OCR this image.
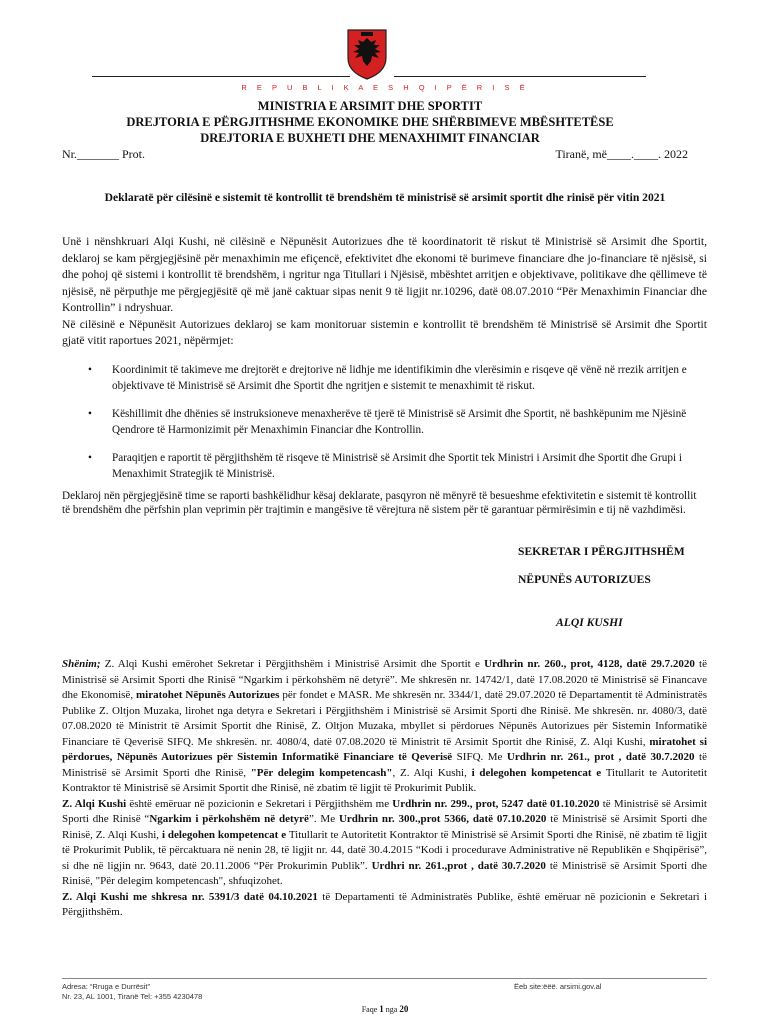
R E P U B L I K A E S H Q I P Ë R I S Ë
MINISTRIA E ARSIMIT DHE SPORTIT
DREJTORIA E PËRGJITHSHME EKONOMIKE DHE SHËRBIMEVE MBËSHTETËSE
DREJTORIA E BUXHETI DHE MENAXHIMIT FINANCIAR
Nr._______ Prot.	Tiranë, më____.____. 2022
Deklaratë për cilësinë e sistemit të kontrollit të brendshëm të ministrisë së arsimit sportit dhe rinisë për vitin 2021

Unë i nënshkruari Alqi Kushi, në cilësinë e Nëpunësit Autorizues dhe të koordinatorit të riskut të Ministrisë së Arsimit dhe Sportit, deklaroj se kam përgjegjësinë për menaxhimin me efiçencë, efektivitet dhe ekonomi të burimeve financiare dhe jo-financiare të njësisë, si dhe pohoj që sistemi i kontrollit të brendshëm, i ngritur nga Titullari i Njësisë, mbështet arritjen e objektivave, politikave dhe qëllimeve të njësisë, në përputhje me përgjegjësitë që më janë caktuar sipas nenit 9 të ligjit nr.10296, datë 08.07.2010 “Për Menaxhimin Financiar dhe Kontrollin” i ndryshuar.

Në cilësinë e Nëpunësit Autorizues deklaroj se kam monitoruar sistemin e kontrollit të brendshëm të Ministrisë së Arsimit dhe Sportit gjatë vitit raportues 2021, nëpërmjet:

• Koordinimit të takimeve me drejtorët e drejtorive në lidhje me identifikimin dhe vlerësimin e risqeve që vënë në rrezik arritjen e objektivave të Ministrisë së Arsimit dhe Sportit dhe ngritjen e sistemit te menaxhimit të riskut.
• Këshillimit dhe dhënies së instruksioneve menaxherëve të tjerë të Ministrisë së Arsimit dhe Sportit, në bashkëpunim me Njësinë Qendrore të Harmonizimit për Menaxhimin Financiar dhe Kontrollin.
• Paraqitjen e raportit të përgjithshëm të risqeve të Ministrisë së Arsimit dhe Sportit tek Ministri i Arsimit dhe Sportit dhe Grupi i Menaxhimit Strategjik të Ministrisë.
Deklaroj nën përgjegjësinë time se raporti bashkëlidhur kësaj deklarate, pasqyron në mënyrë të besueshme efektivitetin e sistemit të kontrollit të brendshëm dhe përfshin plan veprimin për trajtimin e mangësive të vërejtura në sistem për të garantuar përmirësimin e tij në vazhdimësi.
SEKRETAR I PËRGJITHSHËM
NËPUNËS AUTORIZUES
ALQI KUSHI

Shënim; Z. Alqi Kushi emërohet Sekretar i Përgjithshëm i Ministrisë Arsimit dhe Sportit e Urdhrin nr. 260., prot, 4128, datë 29.7.2020 të Ministrisë së Arsimit Sporti dhe Rinisë “Ngarkim i përkohshëm në detyrë”. Me shkresën nr. 14742/1, datë 17.08.2020 të Ministrisë së Financave dhe Ekonomisë, miratohet Nëpunës Autorizues për fondet e MASR. Me shkresën nr. 3344/1, datë 29.07.2020 të Departamentit të Administratës Publike Z. Oltjon Muzaka, lirohet nga detyra e Sekretari i Përgjithshëm i Ministrisë së Arsimit Sporti dhe Rinisë. Me shkresën. nr. 4080/3, datë 07.08.2020 të Ministrit të Arsimit Sportit dhe Rinisë, Z. Oltjon Muzaka, mbyllet si përdorues Nëpunës Autorizues për Sistemin Informatikë Financiare të Qeverisë SIFQ. Me shkresën. nr. 4080/4, datë 07.08.2020 të Ministrit të Arsimit Sportit dhe Rinisë, Z. Alqi Kushi, miratohet si përdorues, Nëpunës Autorizues për Sistemin Informatikë Financiare të Qeverisë SIFQ. Me Urdhrin nr. 261., prot , datë 30.7.2020 të Ministrisë së Arsimit Sporti dhe Rinisë, "Për delegim kompetencash", Z. Alqi Kushi, i delegohen kompetencat e Titullarit te Autoritetit Kontraktor të Ministrisë së Arsimit Sportit dhe Rinisë, në zbatim të ligjit të Prokurimit Publik.

Z. Alqi Kushi është emëruar në pozicionin e Sekretari i Përgjithshëm me Urdhrin nr. 299., prot, 5247 datë 01.10.2020 të Ministrisë së Arsimit Sporti dhe Rinisë “Ngarkim i përkohshëm në detyrë”. Me Urdhrin nr. 300.,prot 5366, datë 07.10.2020 të Ministrisë së Arsimit Sporti dhe Rinisë, Z. Alqi Kushi, i delegohen kompetencat e Titullarit te Autoritetit Kontraktor të Ministrisë së Arsimit Sporti dhe Rinisë, në zbatim të ligjit të Prokurimit Publik, të përcaktuara në nenin 28, të ligjit nr. 44, datë 30.4.2015 “Kodi i procedurave Administrative në Republikën e Shqipërisë”, si dhe në ligjin nr. 9643, datë 20.11.2006 “Për Prokurimin Publik”. Urdhri nr. 261.,prot , datë 30.7.2020 të Ministrisë së Arsimit Sporti dhe Rinisë, "Për delegim kompetencash", shfuqizohet.

Z. Alqi Kushi me shkresa nr. 5391/3 datë 04.10.2021 të Departamenti të Administratës Publike, është emëruar në pozicionin e Sekretari i Përgjithshëm.

Adresa: “Rruga e Durrësit”
Nr. 23, AL 1001, Tiranë Tel: +355 4230478
Ëeb site:ëëë. arsimi.gov.al
Faqe 1 nga 20
